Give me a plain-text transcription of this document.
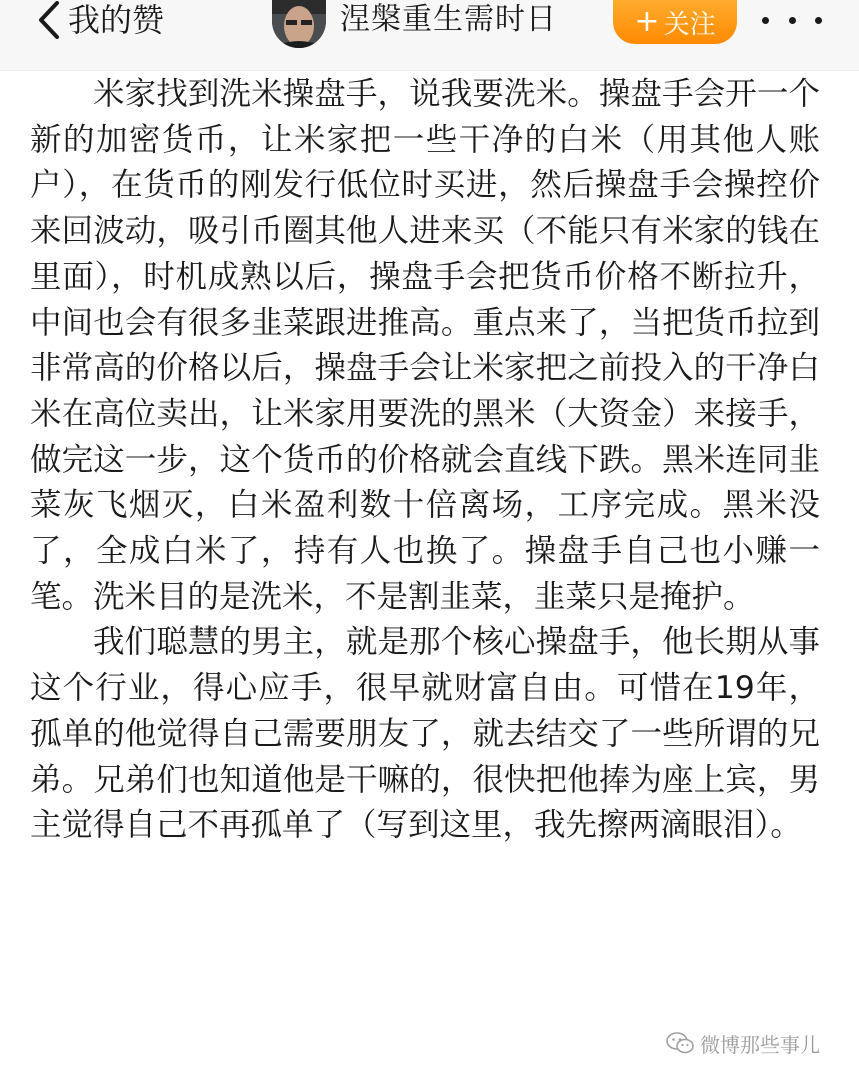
我的赞	涅槃重生需时日	+ 关注

米家找到洗米操盘手，说我要洗米。操盘手会开一个新的加密货币，让米家把一些干净的白米（用其他人账户），在货币的刚发行低位时买进，然后操盘手会操控价来回波动，吸引币圈其他人进来买（不能只有米家的钱在里面），时机成熟以后，操盘手会把货币价格不断拉升，中间也会有很多韭菜跟进推高。重点来了，当把货币拉到非常高的价格以后，操盘手会让米家把之前投入的干净白米在高位卖出，让米家用要洗的黑米（大资金）来接手，做完这一步，这个货币的价格就会直线下跌。黑米连同韭菜灰飞烟灭，白米盈利数十倍离场，工序完成。黑米没了，全成白米了，持有人也换了。操盘手自己也小赚一笔。洗米目的是洗米，不是割韭菜，韭菜只是掩护。

我们聪慧的男主，就是那个核心操盘手，他长期从事这个行业，得心应手，很早就财富自由。可惜在19年，孤单的他觉得自己需要朋友了，就去结交了一些所谓的兄弟。兄弟们也知道他是干嘛的，很快把他捧为座上宾，男主觉得自己不再孤单了（写到这里，我先擦两滴眼泪）。

微博那些事儿
